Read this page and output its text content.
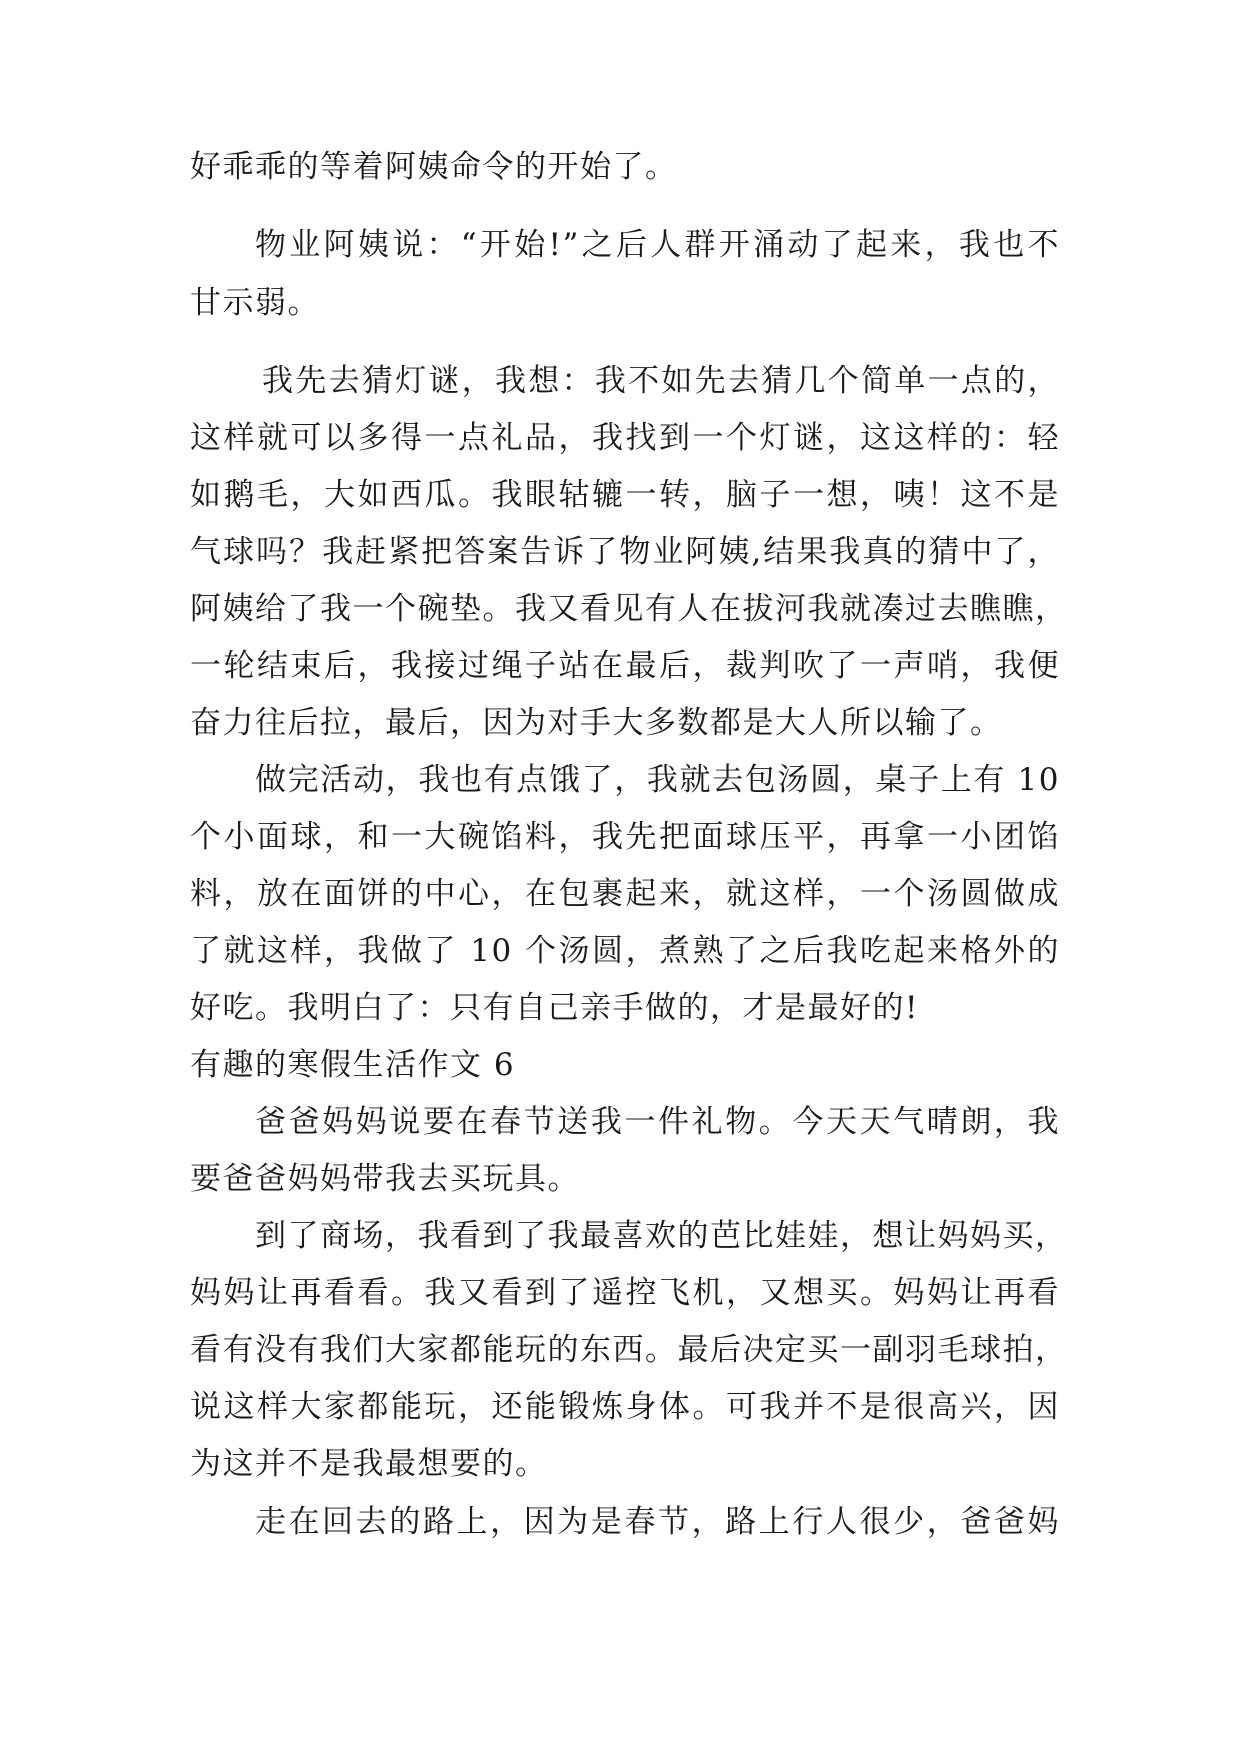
好乖乖的等着阿姨命令的开始了。
物业阿姨说：“开始!”之后人群开涌动了起来，我也不
甘示弱。
我先去猜灯谜，我想：我不如先去猜几个简单一点的，
这样就可以多得一点礼品，我找到一个灯谜，这这样的：轻
如鹅毛，大如西瓜。我眼轱辘一转，脑子一想，咦！这不是
气球吗？我赶紧把答案告诉了物业阿姨,结果我真的猜中了，
阿姨给了我一个碗垫。我又看见有人在拔河我就凑过去瞧瞧，
一轮结束后，我接过绳子站在最后，裁判吹了一声哨，我便
奋力往后拉，最后，因为对手大多数都是大人所以输了。
做完活动，我也有点饿了，我就去包汤圆，桌子上有 10
个小面球，和一大碗馅料，我先把面球压平，再拿一小团馅
料，放在面饼的中心，在包裹起来，就这样，一个汤圆做成
了就这样，我做了 10 个汤圆，煮熟了之后我吃起来格外的
好吃。我明白了：只有自己亲手做的，才是最好的!
有趣的寒假生活作文 6
爸爸妈妈说要在春节送我一件礼物。今天天气晴朗，我
要爸爸妈妈带我去买玩具。
到了商场，我看到了我最喜欢的芭比娃娃，想让妈妈买，
妈妈让再看看。我又看到了遥控飞机，又想买。妈妈让再看
看有没有我们大家都能玩的东西。最后决定买一副羽毛球拍，
说这样大家都能玩，还能锻炼身体。可我并不是很高兴，因
为这并不是我最想要的。
走在回去的路上，因为是春节，路上行人很少，爸爸妈
